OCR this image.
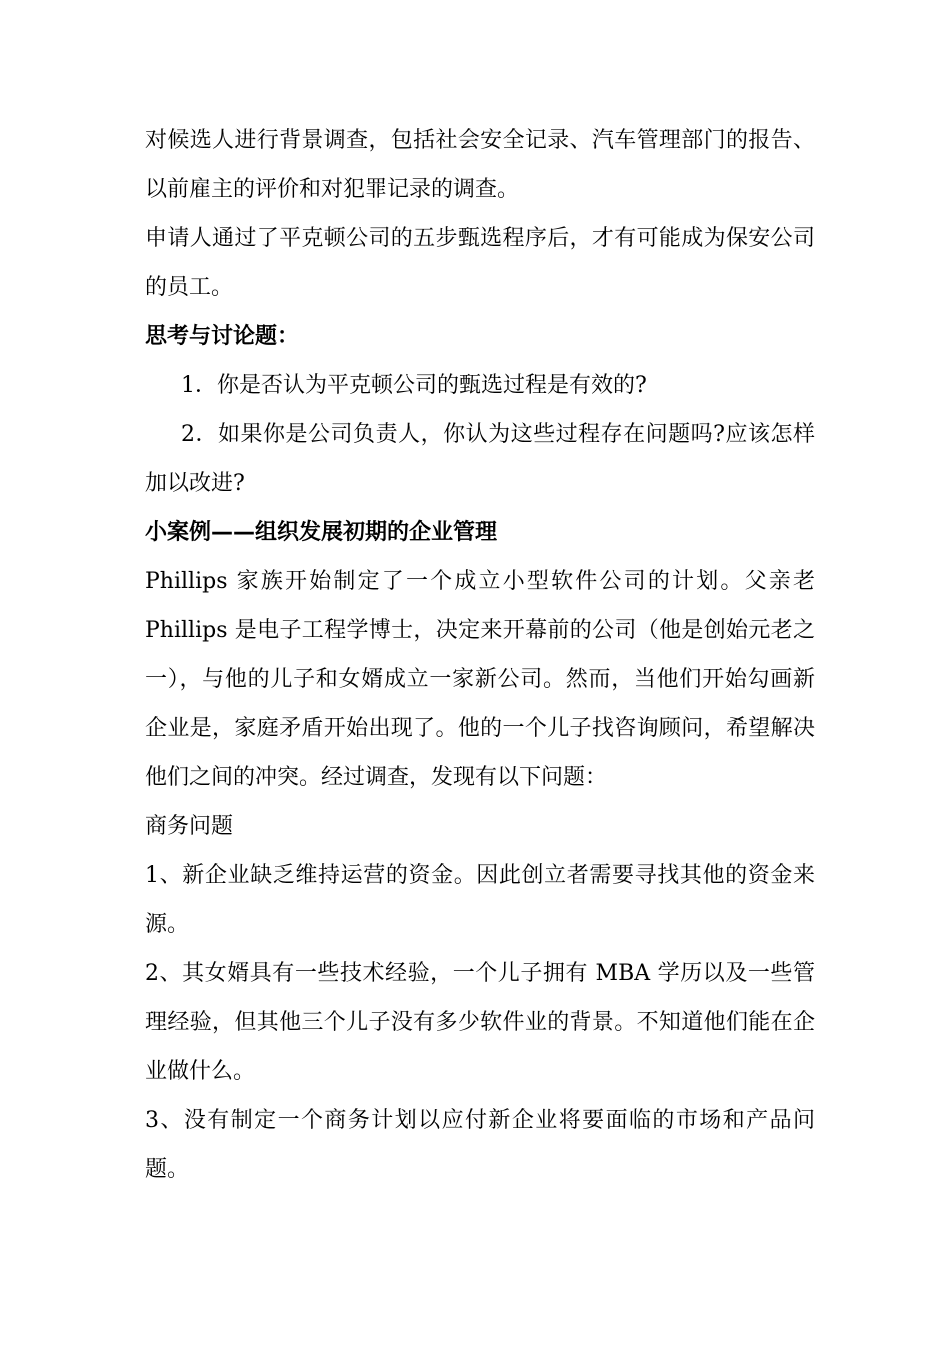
对候选人进行背景调查，包括社会安全记录、汽车管理部门的报告、以前雇主的评价和对犯罪记录的调查。

申请人通过了平克顿公司的五步甄选程序后，才有可能成为保安公司的员工。

思考与讨论题：

1．你是否认为平克顿公司的甄选过程是有效的?

2．如果你是公司负责人，你认为这些过程存在问题吗?应该怎样加以改进?

小案例——组织发展初期的企业管理

Phillips 家族开始制定了一个成立小型软件公司的计划。父亲老 Phillips 是电子工程学博士，决定来开幕前的公司（他是创始元老之一），与他的儿子和女婿成立一家新公司。然而，当他们开始勾画新企业是，家庭矛盾开始出现了。他的一个儿子找咨询顾问，希望解决他们之间的冲突。经过调查，发现有以下问题：

商务问题

1、新企业缺乏维持运营的资金。因此创立者需要寻找其他的资金来源。

2、其女婿具有一些技术经验，一个儿子拥有 MBA 学历以及一些管理经验，但其他三个儿子没有多少软件业的背景。不知道他们能在企业做什么。

3、没有制定一个商务计划以应付新企业将要面临的市场和产品问题。
